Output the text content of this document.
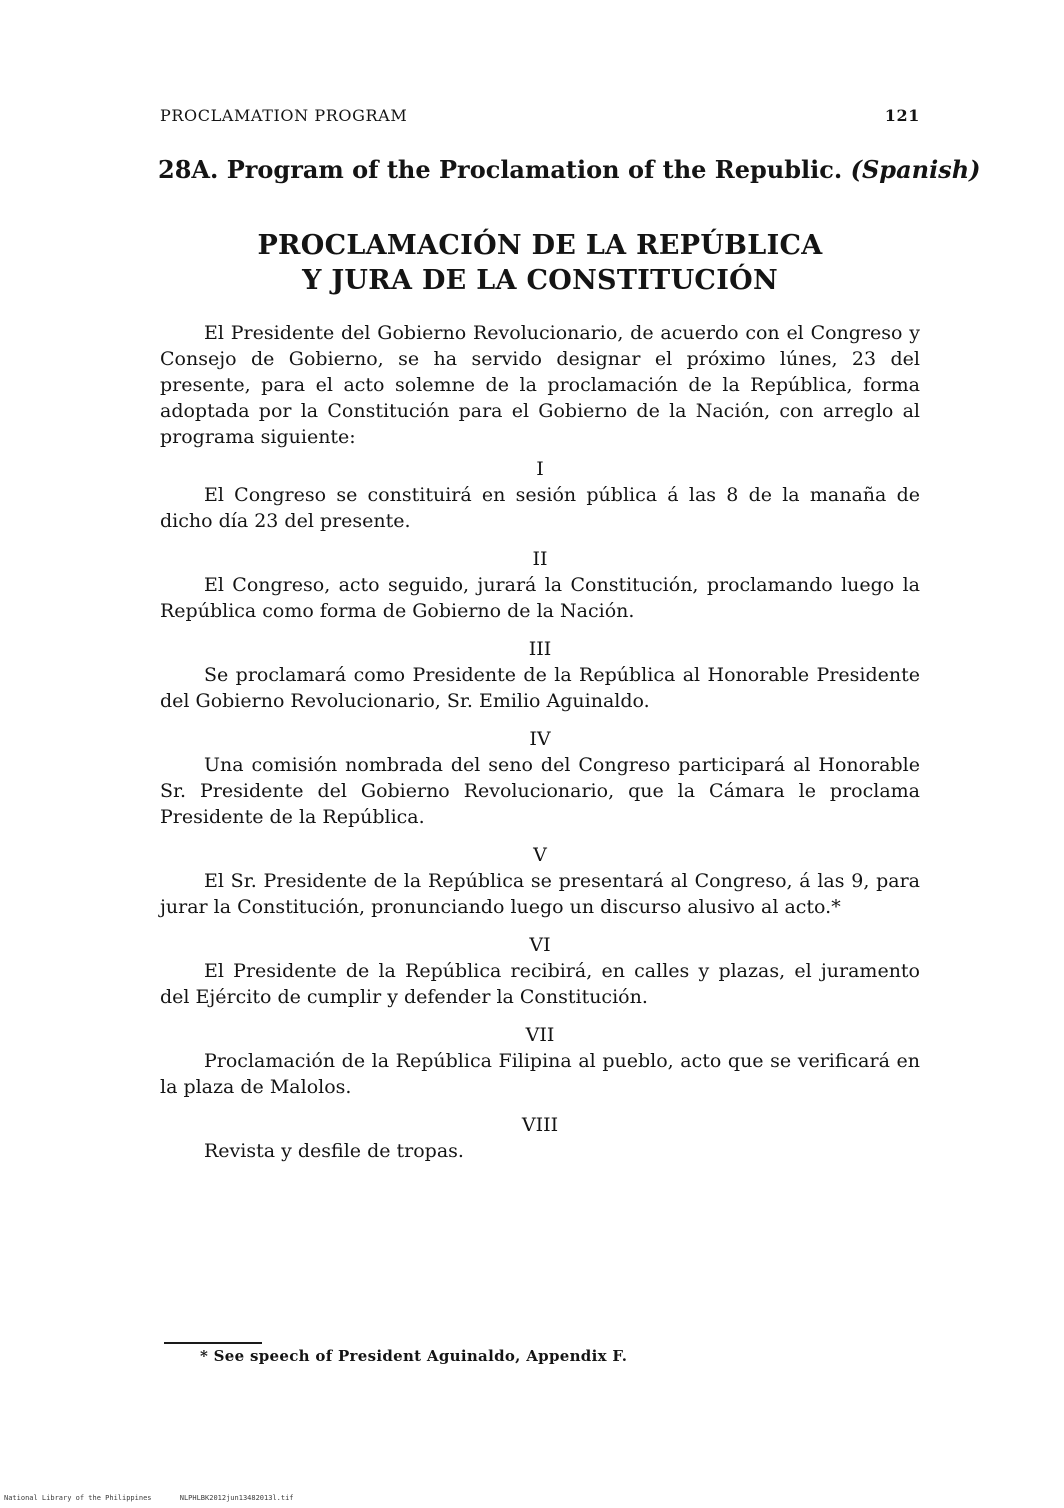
PROCLAMATION PROGRAM	121
28A. Program of the Proclamation of the Republic. (Spanish)
PROCLAMACIÓN DE LA REPÚBLICA
Y JURA DE LA CONSTITUCIÓN

El Presidente del Gobierno Revolucionario, de acuerdo con el Congreso y Consejo de Gobierno, se ha servido designar el próximo lúnes, 23 del presente, para el acto solemne de la proclamación de la República, forma adoptada por la Constitución para el Gobierno de la Nación, con arreglo al programa siguiente:

I

El Congreso se constituirá en sesión pública á las 8 de la manaña de dicho día 23 del presente.

II

El Congreso, acto seguido, jurará la Constitución, proclamando luego la República como forma de Gobierno de la Nación.

III

Se proclamará como Presidente de la República al Honorable Presidente del Gobierno Revolucionario, Sr. Emilio Aguinaldo.

IV

Una comisión nombrada del seno del Congreso participará al Honorable Sr. Presidente del Gobierno Revolucionario, que la Cámara le proclama Presidente de la República.

V

El Sr. Presidente de la República se presentará al Congreso, á las 9, para jurar la Constitución, pronunciando luego un discurso alusivo al acto.*

VI

El Presidente de la República recibirá, en calles y plazas, el juramento del Ejército de cumplir y defender la Constitución.

VII

Proclamación de la República Filipina al pueblo, acto que se verificará en la plaza de Malolos.

VIII

Revista y desfile de tropas.

* See speech of President Aguinaldo, Appendix F.
National Library of the Philippines	NLPHLBK2012jun13482013l.tif
